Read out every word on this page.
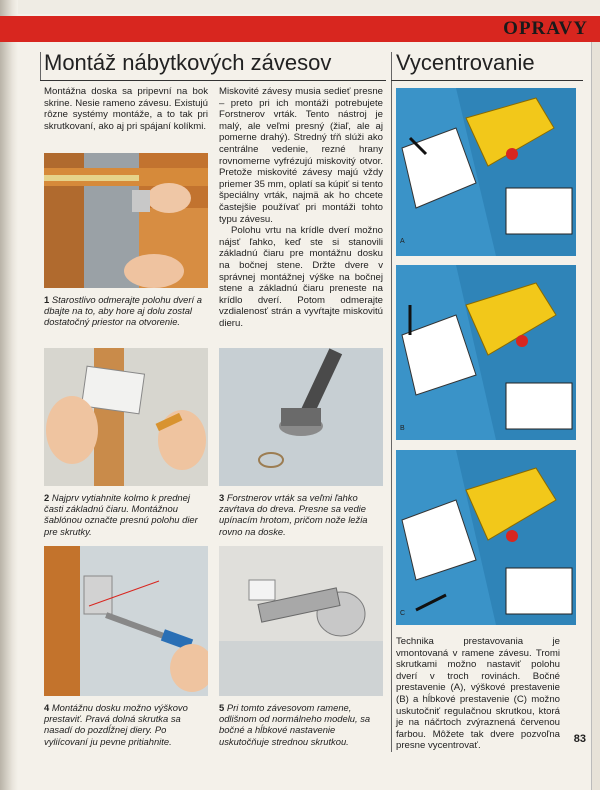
OPRAVY
Montáž nábytkových závesov

Montážna doska sa pripevní na bok skrine. Nesie rameno závesu. Existujú rôzne systémy montáže, a to tak pri skrutkovaní, ako aj pri spájaní kolíkmi.

Miskovité závesy musia sedieť presne – preto pri ich montáži potrebujete Forstnerov vrták. Tento nástroj je malý, ale veľmi presný (žiaľ, ale aj pomerne drahý). Stredný tŕň slúži ako centrálne vedenie, rezné hrany rovnomerne vyfrézujú miskovitý otvor. Pretože miskovité závesy majú vždy priemer 35 mm, oplatí sa kúpiť si tento špeciálny vrták, najmä ak ho chcete častejšie používať pri montáži tohto typu závesu.

Polohu vrtu na krídle dverí možno nájsť ľahko, keď ste si stanovili základnú čiaru pre montážnu dosku na bočnej stene. Držte dvere v správnej montážnej výške na bočnej stene a základnú čiaru preneste na krídlo dverí. Potom odmerajte vzdialenosť strán a vyvŕtajte miskovitú dieru.

1 Starostlivo odmerajte polohu dverí a dbajte na to, aby hore aj dolu zostal dostatočný priestor na otvorenie.
2 Najprv vytiahnite kolmo k prednej časti základnú čiaru. Montážnou šablónou označte presnú polohu dier pre skrutky.
3 Forstnerov vrták sa veľmi ľahko zavŕtava do dreva. Presne sa vedie upínacím hrotom, pričom nože ležia rovno na doske.
4 Montážnu dosku možno výškovo prestaviť. Pravá dolná skrutka sa nasadí do pozdĺžnej diery. Po vyliícovaní ju pevne pritiahnite.
5 Pri tomto závesovom ramene, odlišnom od normálneho modelu, sa bočné a hĺbkové nastavenie uskutočňuje strednou skrutkou.
Vycentrovanie
A
B
C

Technika prestavovania je vmontovaná v ramene závesu. Tromi skrutkami možno nastaviť polohu dverí v troch rovinách. Bočné prestavenie (A), výškové prestavenie (B) a hĺbkové prestavenie (C) možno uskutočniť regulačnou skrutkou, ktorá je na náčrtoch zvýraznená červenou farbou. Môžete tak dvere pozvoľna presne vycentrovať.

83
